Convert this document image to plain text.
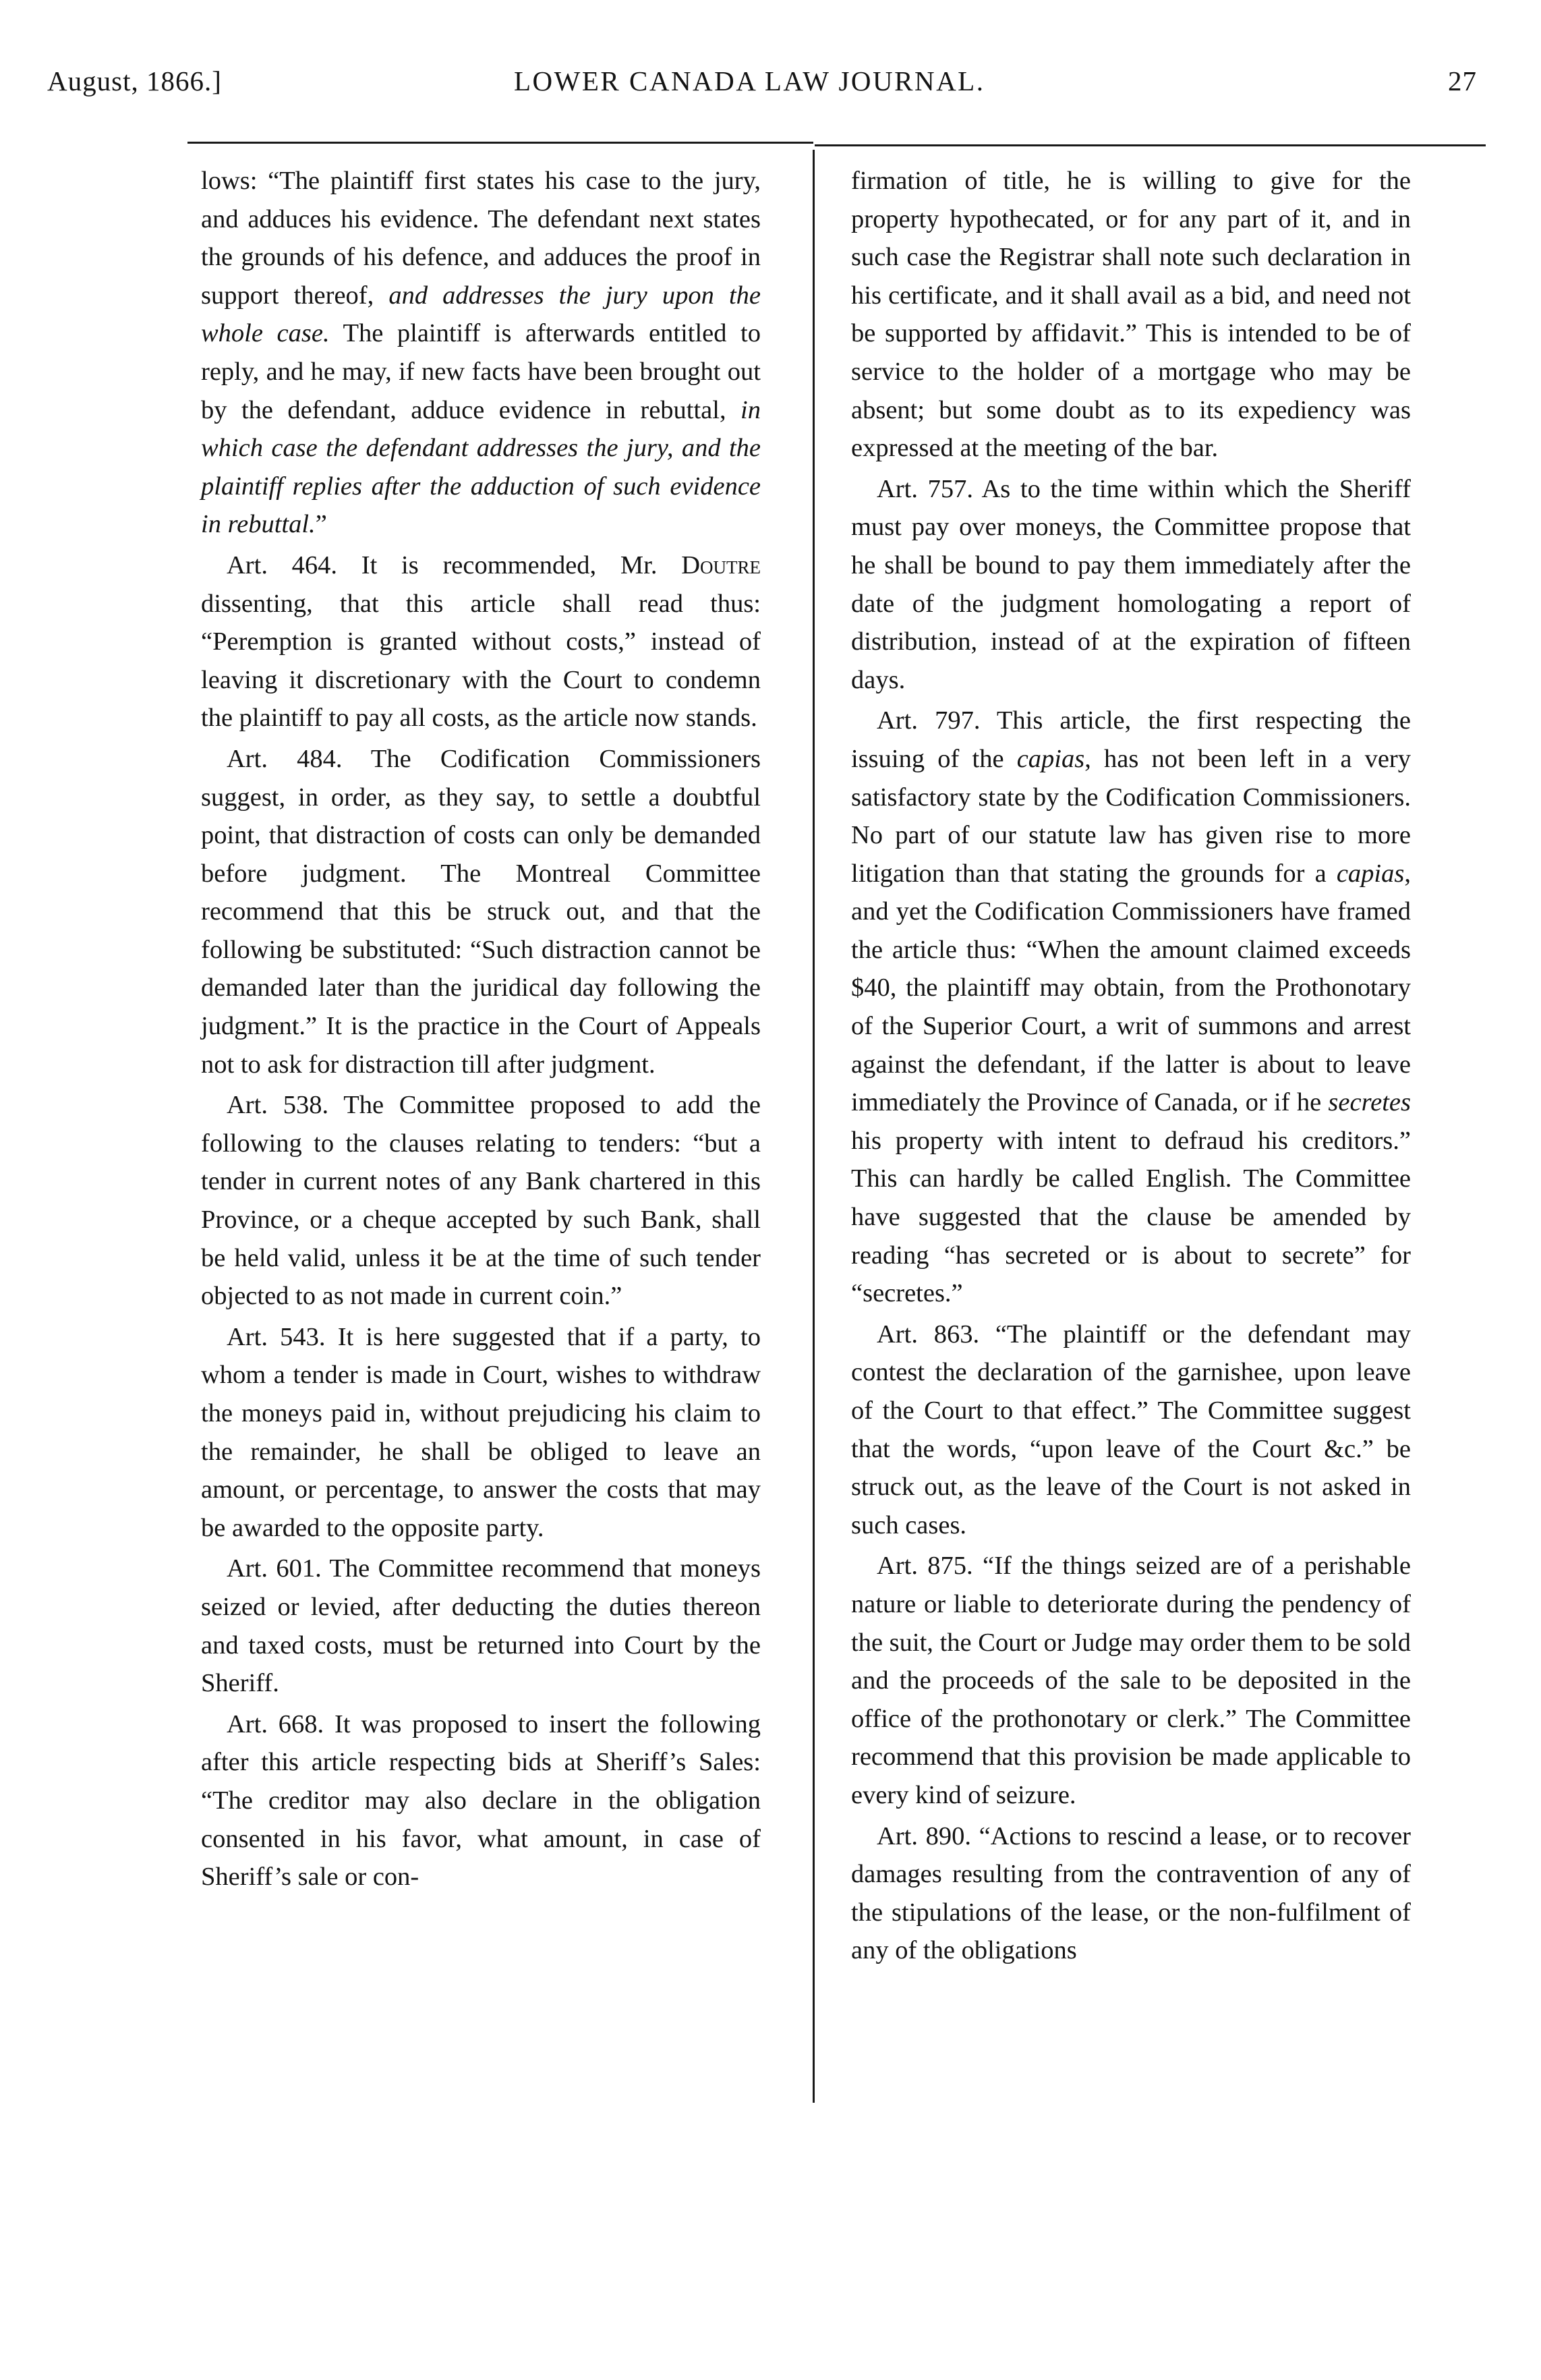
August, 1866.]	LOWER CANADA LAW JOURNAL.	27

lows: “The plaintiff first states his case to the jury, and adduces his evidence. The defendant next states the grounds of his defence, and adduces the proof in support thereof, and addresses the jury upon the whole case. The plaintiff is afterwards entitled to reply, and he may, if new facts have been brought out by the defendant, adduce evidence in rebuttal, in which case the defendant addresses the jury, and the plaintiff replies after the adduction of such evidence in rebuttal.”

Art. 464. It is recommended, Mr. Doutre dissenting, that this article shall read thus: “Peremption is granted without costs,” instead of leaving it discretionary with the Court to condemn the plaintiff to pay all costs, as the article now stands.

Art. 484. The Codification Commissioners suggest, in order, as they say, to settle a doubtful point, that distraction of costs can only be demanded before judgment. The Montreal Committee recommend that this be struck out, and that the following be substituted: “Such distraction cannot be demanded later than the juridical day following the judgment.” It is the practice in the Court of Appeals not to ask for distraction till after judgment.

Art. 538. The Committee proposed to add the following to the clauses relating to tenders: “but a tender in current notes of any Bank chartered in this Province, or a cheque accepted by such Bank, shall be held valid, unless it be at the time of such tender objected to as not made in current coin.”

Art. 543. It is here suggested that if a party, to whom a tender is made in Court, wishes to withdraw the moneys paid in, without prejudicing his claim to the remainder, he shall be obliged to leave an amount, or percentage, to answer the costs that may be awarded to the opposite party.

Art. 601. The Committee recommend that moneys seized or levied, after deducting the duties thereon and taxed costs, must be returned into Court by the Sheriff.

Art. 668. It was proposed to insert the following after this article respecting bids at Sheriff’s Sales: “The creditor may also declare in the obligation consented in his favor, what amount, in case of Sheriff’s sale or con-

firmation of title, he is willing to give for the property hypothecated, or for any part of it, and in such case the Registrar shall note such declaration in his certificate, and it shall avail as a bid, and need not be supported by affidavit.” This is intended to be of service to the holder of a mortgage who may be absent; but some doubt as to its expediency was expressed at the meeting of the bar.

Art. 757. As to the time within which the Sheriff must pay over moneys, the Committee propose that he shall be bound to pay them immediately after the date of the judgment homologating a report of distribution, instead of at the expiration of fifteen days.

Art. 797. This article, the first respecting the issuing of the capias, has not been left in a very satisfactory state by the Codification Commissioners. No part of our statute law has given rise to more litigation than that stating the grounds for a capias, and yet the Codification Commissioners have framed the article thus: “When the amount claimed exceeds $40, the plaintiff may obtain, from the Prothonotary of the Superior Court, a writ of summons and arrest against the defendant, if the latter is about to leave immediately the Province of Canada, or if he secretes his property with intent to defraud his creditors.” This can hardly be called English. The Committee have suggested that the clause be amended by reading “has secreted or is about to secrete” for “secretes.”

Art. 863. “The plaintiff or the defendant may contest the declaration of the garnishee, upon leave of the Court to that effect.” The Committee suggest that the words, “upon leave of the Court &c.” be struck out, as the leave of the Court is not asked in such cases.

Art. 875. “If the things seized are of a perishable nature or liable to deteriorate during the pendency of the suit, the Court or Judge may order them to be sold and the proceeds of the sale to be deposited in the office of the prothonotary or clerk.” The Committee recommend that this provision be made applicable to every kind of seizure.

Art. 890. “Actions to rescind a lease, or to recover damages resulting from the contravention of any of the stipulations of the lease, or the non-fulfilment of any of the obligations
